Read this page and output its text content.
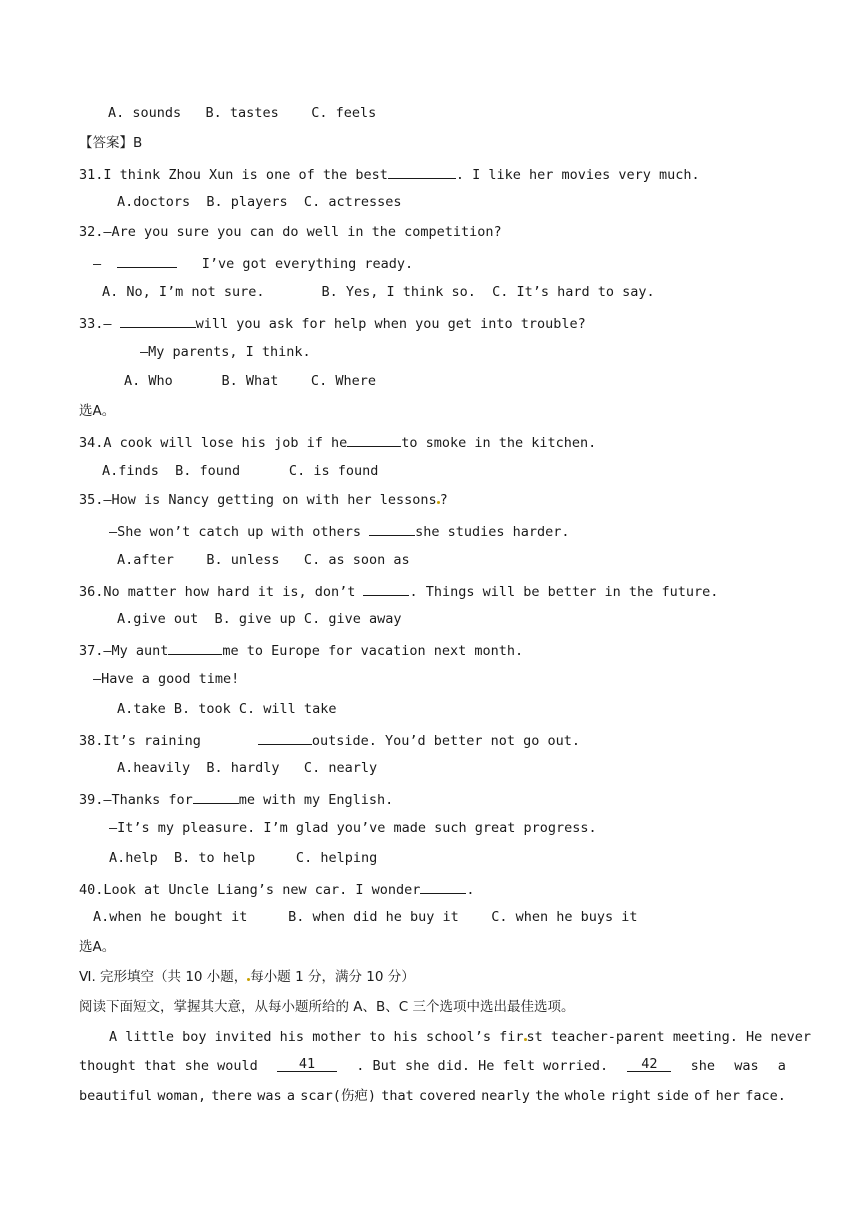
A. sounds B. tastes C. feels
【答案】B
31.I think Zhou Xun is one of the best	. I like her movies very much.
A.doctors  B. players  C. actresses
32.—Are you sure you can do well in the competition?
—	I’ve got everything ready.
A. No, I’m not sure.       B. Yes, I think so.  C. It’s hard to say.
33.—	will you ask for help when you get into trouble?
—My parents, I think.
A. Who      B. What    C. Where
选A。
34.A cook will lose his job if he	to smoke in the kitchen.
A.finds  B. found      C. is found
35.—How is Nancy getting on with her lessons ?
—She won’t catch up with others	she studies harder.
A.after    B. unless   C. as soon as
36.No matter how hard it is, don’t	. Things will be better in the future.
A.give out  B. give up C. give away
37.—My aunt	me to Europe for vacation next month.
—Have a good time!
A.take B. took C. will take
38.It’s raining	outside. You’d better not go out.
A.heavily  B. hardly   C. nearly
39.—Thanks for	me with my English.
—It’s my pleasure. I’m glad you’ve made such great progress.
A.help  B. to help     C. helping
40.Look at Uncle Liang’s new car. I wonder	.
A.when he bought it     B. when did he buy it    C. when he buys it
选A。
Ⅵ. 完形填空（共 10 小题， 每小题 1 分，满分 10 分）
阅读下面短文，掌握其大意，从每小题所给的 A、B、C 三个选项中选出最佳选项。
A little boy invited his mother to his school’s fir st teacher-parent meeting. He never
thought that she would	41	. But she did. He felt worried.	42	she was a
beautiful woman, there was a scar(伤疤) that covered nearly the whole right side of her face.
